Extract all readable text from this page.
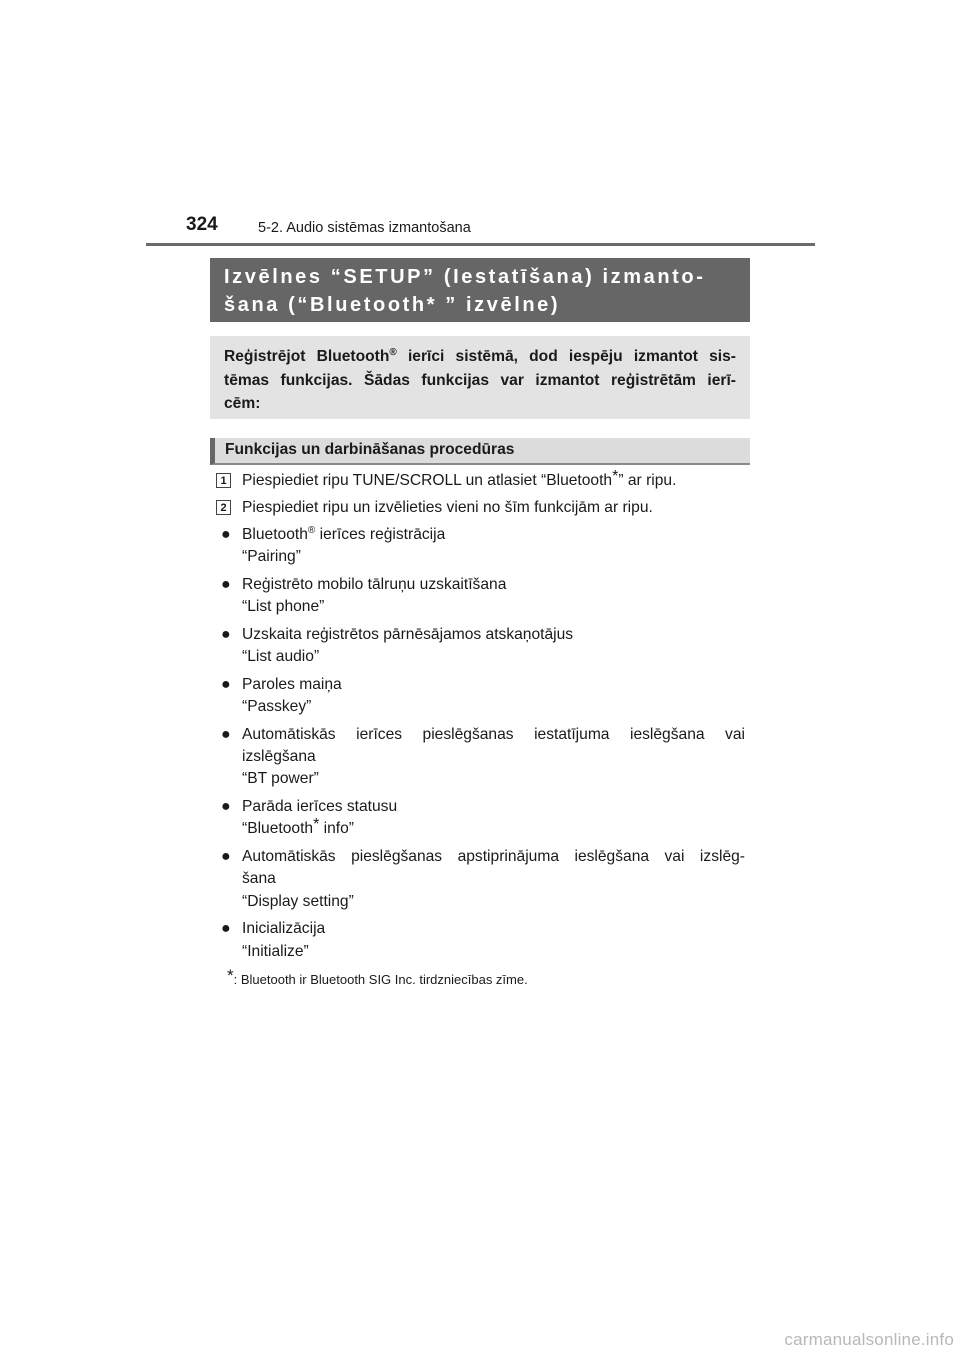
324	5-2. Audio sistēmas izmantošana
Izvēlnes “SETUP” (Iestatīšana) izmanto-
šana (“Bluetooth* ” izvēlne)
Reģistrējot Bluetooth® ierīci sistēmā, dod iespēju izmantot sis-
tēmas funkcijas. Šādas funkcijas var izmantot reģistrētām ierī-
cēm:
Funkcijas un darbināšanas procedūras
1 Piespiediet ripu TUNE/SCROLL un atlasiet “Bluetooth*” ar ripu.
2 Piespiediet ripu un izvēlieties vieni no šīm funkcijām ar ripu.
● Bluetooth® ierīces reģistrācija
“Pairing”
● Reģistrēto mobilo tālruņu uzskaitīšana
“List phone”
● Uzskaita reģistrētos pārnēsājamos atskaņotājus
“List audio”
● Paroles maiņa
“Passkey”
● Automātiskās ierīces pieslēgšanas iestatījuma ieslēgšana vai
izslēgšana
“BT power”
● Parāda ierīces statusu
“Bluetooth* info”
● Automātiskās pieslēgšanas apstiprinājuma ieslēgšana vai izslēg-
šana
“Display setting”
● Inicializācija
“Initialize”
*: Bluetooth ir Bluetooth SIG Inc. tirdzniecības zīme.
carmanualsonline.info
